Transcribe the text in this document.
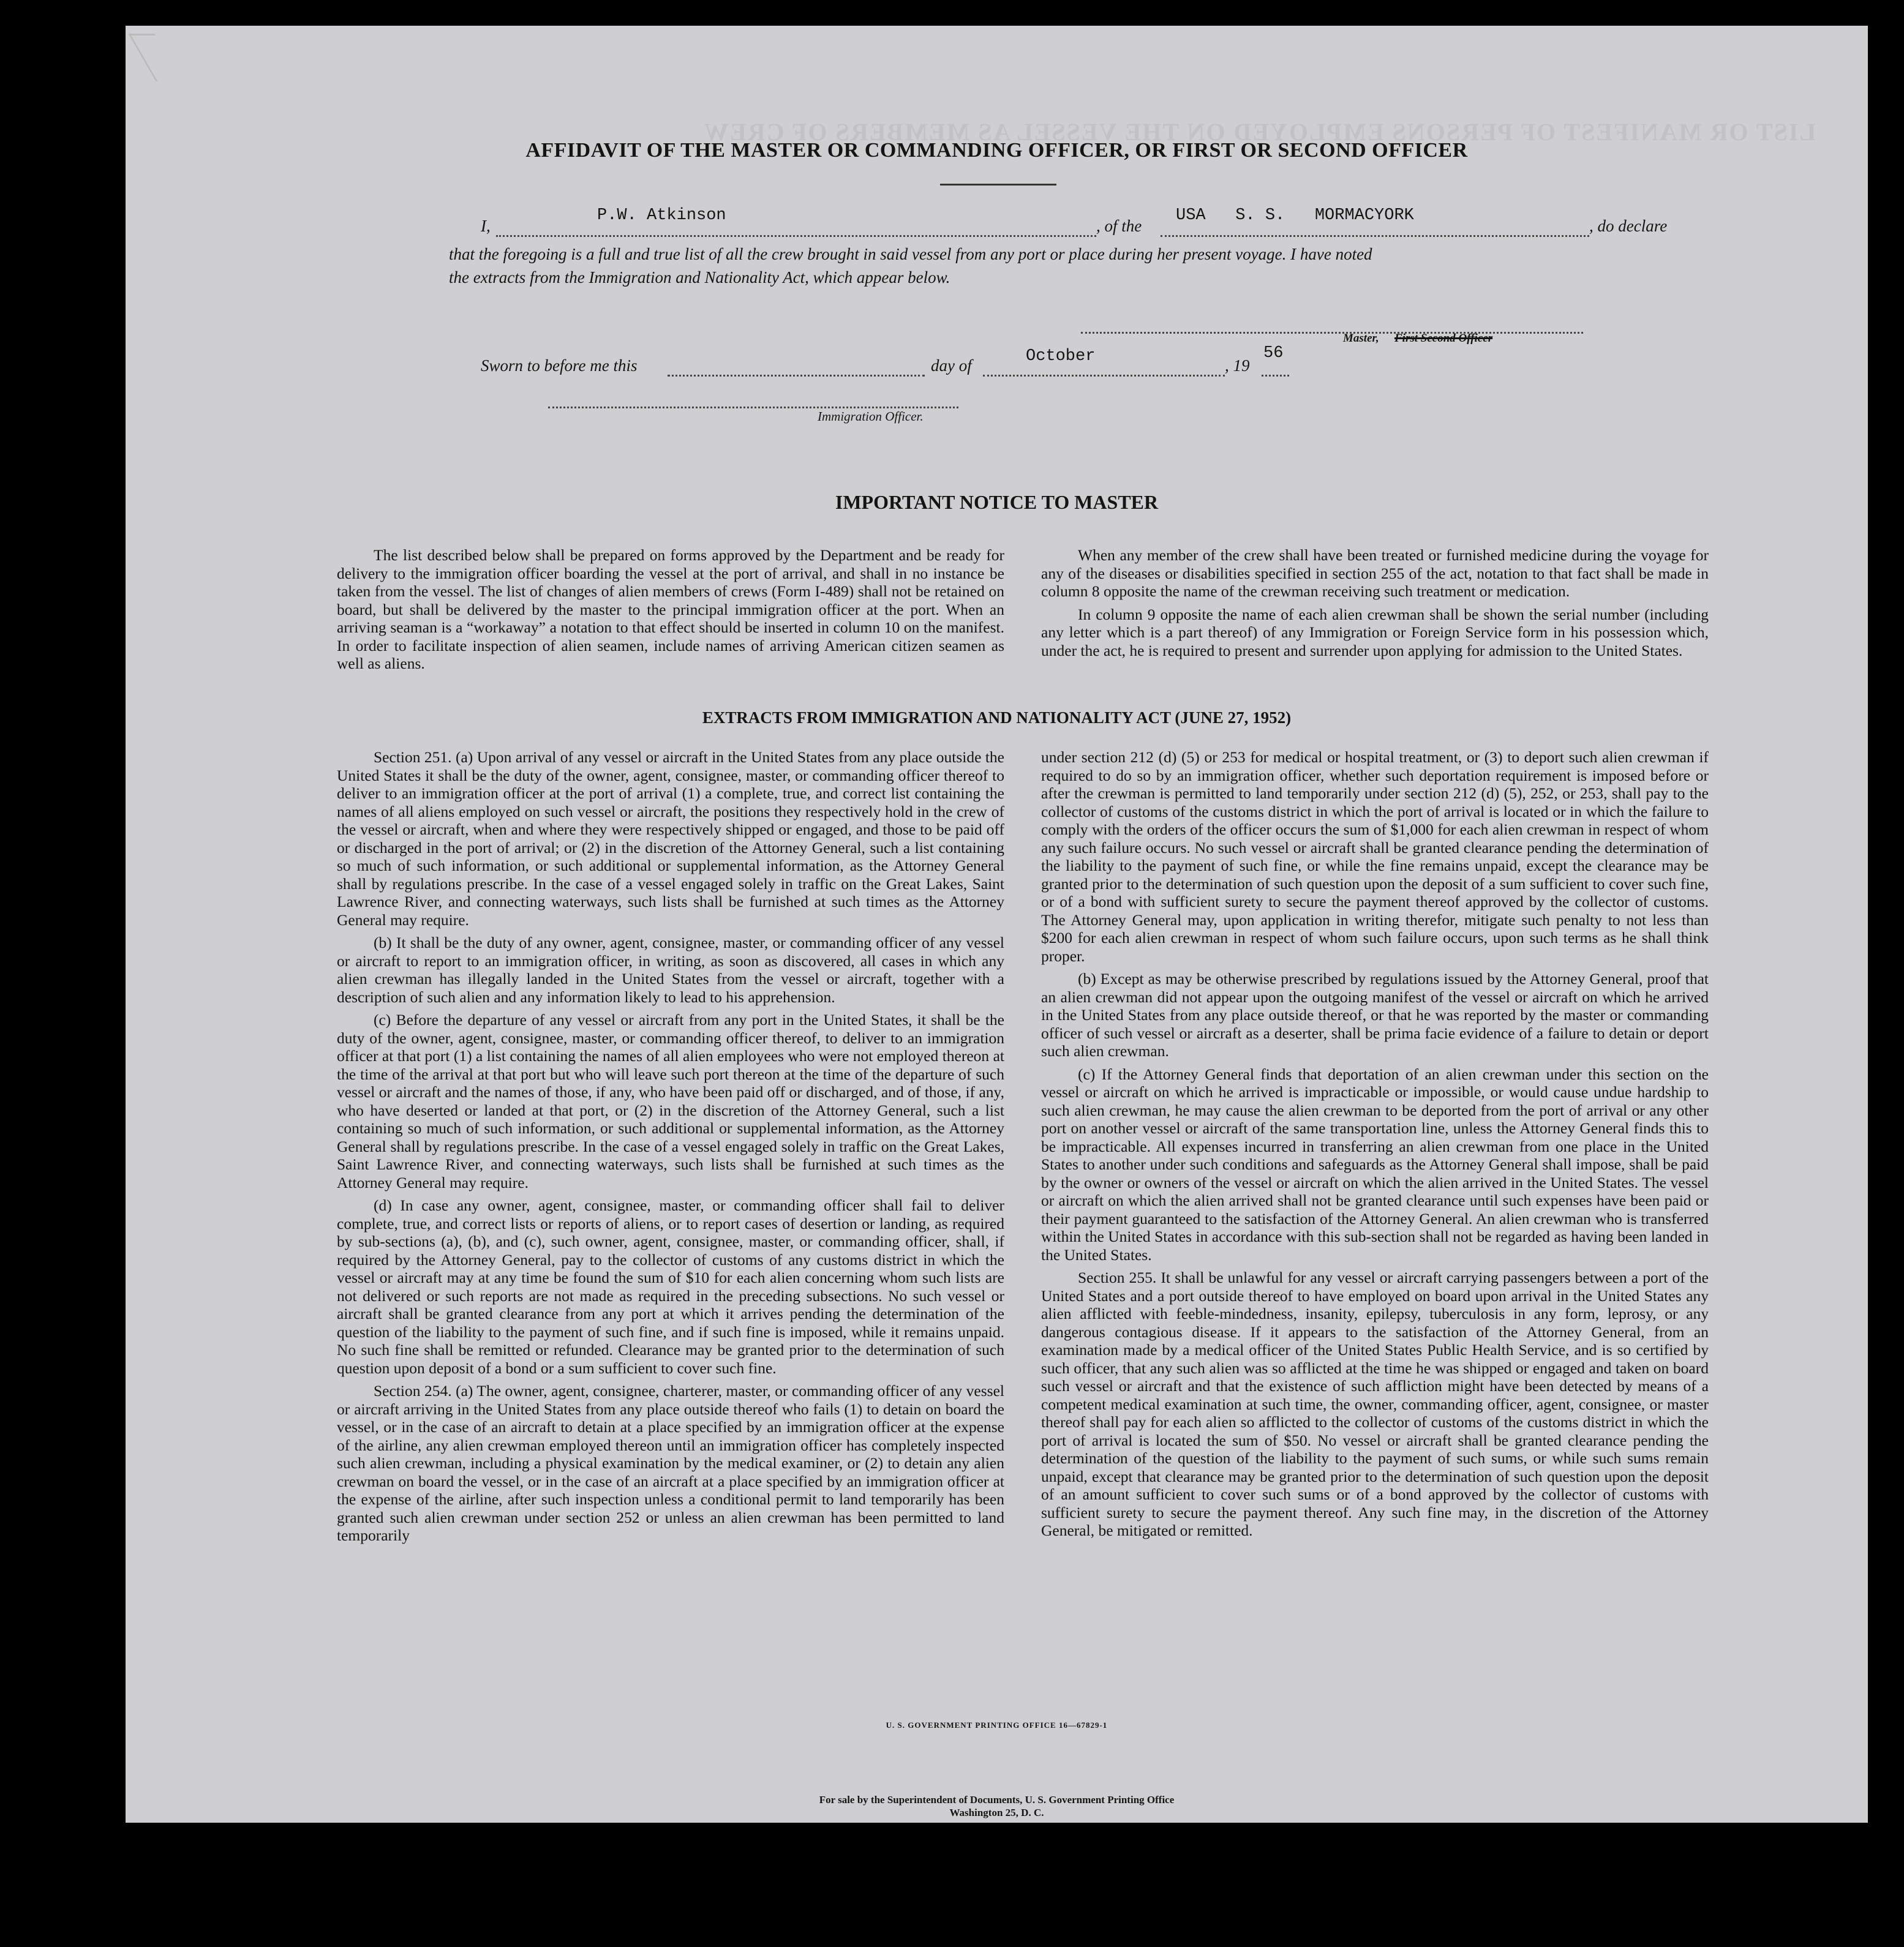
LIST OR MANIFEST OF PERSONS EMPLOYED ON THE VESSEL AS MEMBERS OF CREW
AFFIDAVIT OF THE MASTER OR COMMANDING OFFICER, OR FIRST OR SECOND OFFICER
I,
P.W. Atkinson
, of the
USA   S. S.   MORMACYORK
, do declare
that the foregoing is a full and true list of all the crew brought in said vessel from any port or place during her present voyage. I have noted
the extracts from the Immigration and Nationality Act, which appear below.
Master, First Second Officer
Sworn to before me this	day of	October	, 19
56
Immigration Officer.
IMPORTANT NOTICE TO MASTER

The list described below shall be prepared on forms approved by the Department and be ready for delivery to the immigration officer boarding the vessel at the port of arrival, and shall in no instance be taken from the vessel. The list of changes of alien members of crews (Form I-489) shall not be retained on board, but shall be delivered by the master to the principal immigration officer at the port. When an arriving seaman is a “workaway” a notation to that effect should be inserted in column 10 on the manifest. In order to facilitate inspection of alien seamen, include names of arriving American citizen seamen as well as aliens.

When any member of the crew shall have been treated or furnished medicine during the voyage for any of the diseases or disabilities specified in section 255 of the act, notation to that fact shall be made in column 8 opposite the name of the crewman receiving such treatment or medication.

In column 9 opposite the name of each alien crewman shall be shown the serial number (including any letter which is a part thereof) of any Immigration or Foreign Service form in his possession which, under the act, he is required to present and surrender upon applying for admission to the United States.

EXTRACTS FROM IMMIGRATION AND NATIONALITY ACT (JUNE 27, 1952)

Section 251. (a) Upon arrival of any vessel or aircraft in the United States from any place outside the United States it shall be the duty of the owner, agent, consignee, master, or commanding officer thereof to deliver to an immigration officer at the port of arrival (1) a complete, true, and correct list containing the names of all aliens employed on such vessel or aircraft, the positions they respectively hold in the crew of the vessel or aircraft, when and where they were respectively shipped or engaged, and those to be paid off or discharged in the port of arrival; or (2) in the discretion of the Attorney General, such a list containing so much of such information, or such additional or supplemental information, as the Attorney General shall by regulations prescribe. In the case of a vessel engaged solely in traffic on the Great Lakes, Saint Lawrence River, and connecting waterways, such lists shall be furnished at such times as the Attorney General may require.

(b) It shall be the duty of any owner, agent, consignee, master, or commanding officer of any vessel or aircraft to report to an immigration officer, in writing, as soon as discovered, all cases in which any alien crewman has illegally landed in the United States from the vessel or aircraft, together with a description of such alien and any information likely to lead to his apprehension.

(c) Before the departure of any vessel or aircraft from any port in the United States, it shall be the duty of the owner, agent, consignee, master, or commanding officer thereof, to deliver to an immigration officer at that port (1) a list containing the names of all alien employees who were not employed thereon at the time of the arrival at that port but who will leave such port thereon at the time of the departure of such vessel or aircraft and the names of those, if any, who have been paid off or discharged, and of those, if any, who have deserted or landed at that port, or (2) in the discretion of the Attorney General, such a list containing so much of such information, or such additional or supplemental information, as the Attorney General shall by regulations prescribe. In the case of a vessel engaged solely in traffic on the Great Lakes, Saint Lawrence River, and connecting waterways, such lists shall be furnished at such times as the Attorney General may require.

(d) In case any owner, agent, consignee, master, or commanding officer shall fail to deliver complete, true, and correct lists or reports of aliens, or to report cases of desertion or landing, as required by sub-sections (a), (b), and (c), such owner, agent, consignee, master, or commanding officer, shall, if required by the Attorney General, pay to the collector of customs of any customs district in which the vessel or aircraft may at any time be found the sum of $10 for each alien concerning whom such lists are not delivered or such reports are not made as required in the preceding subsections. No such vessel or aircraft shall be granted clearance from any port at which it arrives pending the determination of the question of the liability to the payment of such fine, and if such fine is imposed, while it remains unpaid. No such fine shall be remitted or refunded. Clearance may be granted prior to the determination of such question upon deposit of a bond or a sum sufficient to cover such fine.

Section 254. (a) The owner, agent, consignee, charterer, master, or commanding officer of any vessel or aircraft arriving in the United States from any place outside thereof who fails (1) to detain on board the vessel, or in the case of an aircraft to detain at a place specified by an immigration officer at the expense of the airline, any alien crewman employed thereon until an immigration officer has completely inspected such alien crewman, including a physical examination by the medical examiner, or (2) to detain any alien crewman on board the vessel, or in the case of an aircraft at a place specified by an immigration officer at the expense of the airline, after such inspection unless a conditional permit to land temporarily has been granted such alien crewman under section 252 or unless an alien crewman has been permitted to land temporarily

under section 212 (d) (5) or 253 for medical or hospital treatment, or (3) to deport such alien crewman if required to do so by an immigration officer, whether such deportation requirement is imposed before or after the crewman is permitted to land temporarily under section 212 (d) (5), 252, or 253, shall pay to the collector of customs of the customs district in which the port of arrival is located or in which the failure to comply with the orders of the officer occurs the sum of $1,000 for each alien crewman in respect of whom any such failure occurs. No such vessel or aircraft shall be granted clearance pending the determination of the liability to the payment of such fine, or while the fine remains unpaid, except the clearance may be granted prior to the determination of such question upon the deposit of a sum sufficient to cover such fine, or of a bond with sufficient surety to secure the payment thereof approved by the collector of customs. The Attorney General may, upon application in writing therefor, mitigate such penalty to not less than $200 for each alien crewman in respect of whom such failure occurs, upon such terms as he shall think proper.

(b) Except as may be otherwise prescribed by regulations issued by the Attorney General, proof that an alien crewman did not appear upon the outgoing manifest of the vessel or aircraft on which he arrived in the United States from any place outside thereof, or that he was reported by the master or commanding officer of such vessel or aircraft as a deserter, shall be prima facie evidence of a failure to detain or deport such alien crewman.

(c) If the Attorney General finds that deportation of an alien crewman under this section on the vessel or aircraft on which he arrived is impracticable or impossible, or would cause undue hardship to such alien crewman, he may cause the alien crewman to be deported from the port of arrival or any other port on another vessel or aircraft of the same transportation line, unless the Attorney General finds this to be impracticable. All expenses incurred in transferring an alien crewman from one place in the United States to another under such conditions and safeguards as the Attorney General shall impose, shall be paid by the owner or owners of the vessel or aircraft on which the alien arrived in the United States. The vessel or aircraft on which the alien arrived shall not be granted clearance until such expenses have been paid or their payment guaranteed to the satisfaction of the Attorney General. An alien crewman who is transferred within the United States in accordance with this sub-section shall not be regarded as having been landed in the United States.

Section 255. It shall be unlawful for any vessel or aircraft carrying passengers between a port of the United States and a port outside thereof to have employed on board upon arrival in the United States any alien afflicted with feeble-mindedness, insanity, epilepsy, tuberculosis in any form, leprosy, or any dangerous contagious disease. If it appears to the satisfaction of the Attorney General, from an examination made by a medical officer of the United States Public Health Service, and is so certified by such officer, that any such alien was so afflicted at the time he was shipped or engaged and taken on board such vessel or aircraft and that the existence of such affliction might have been detected by means of a competent medical examination at such time, the owner, commanding officer, agent, consignee, or master thereof shall pay for each alien so afflicted to the collector of customs of the customs district in which the port of arrival is located the sum of $50. No vessel or aircraft shall be granted clearance pending the determination of the question of the liability to the payment of such sums, or while such sums remain unpaid, except that clearance may be granted prior to the determination of such question upon the deposit of an amount sufficient to cover such sums or of a bond approved by the collector of customs with sufficient surety to secure the payment thereof. Any such fine may, in the discretion of the Attorney General, be mitigated or remitted.

U. S. GOVERNMENT PRINTING OFFICE 16—67829-1
For sale by the Superintendent of Documents, U. S. Government Printing Office
Washington 25, D. C.
